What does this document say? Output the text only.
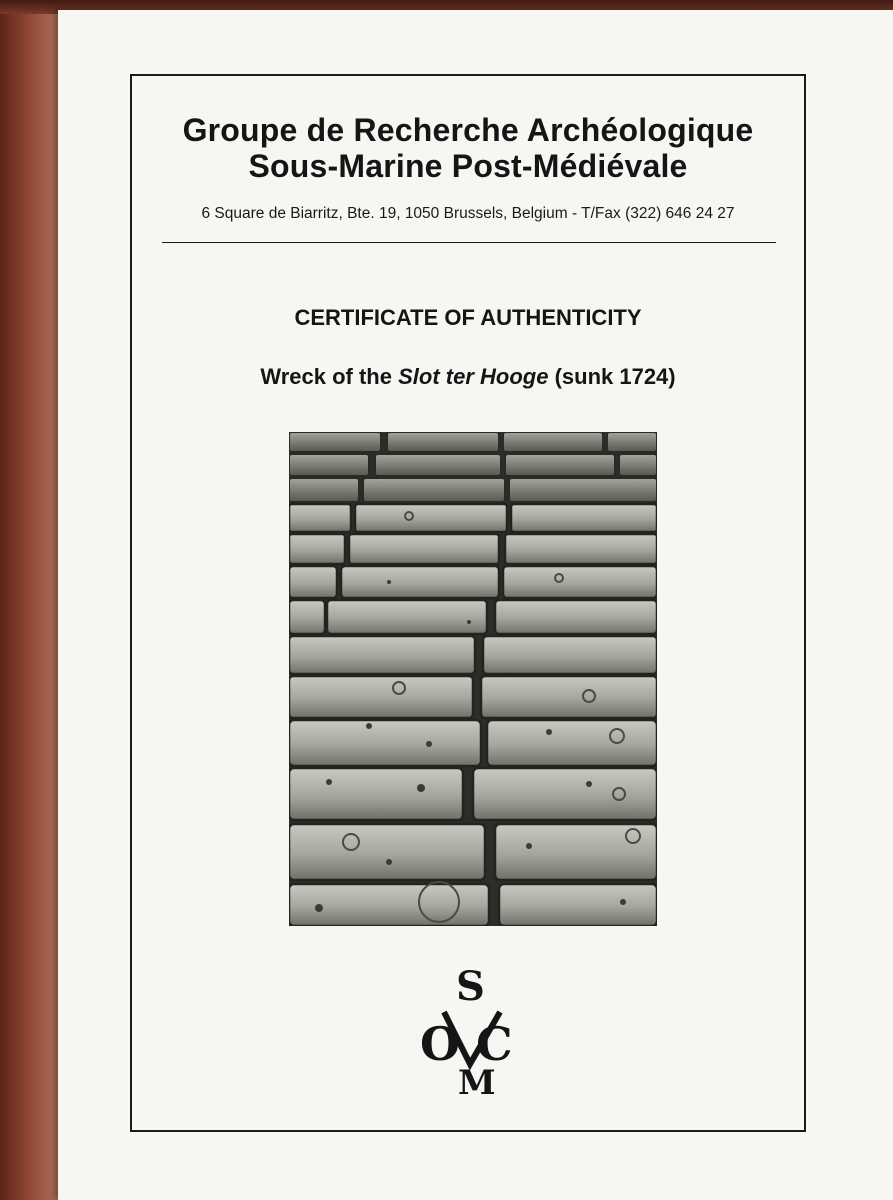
Groupe de Recherche Archéologique
Sous-Marine Post-Médiévale
6 Square de Biarritz, Bte. 19, 1050 Brussels, Belgium - T/Fax (322) 646 24 27
CERTIFICATE OF AUTHENTICITY
Wreck of the Slot ter Hooge (sunk 1724)
S
O C
M
